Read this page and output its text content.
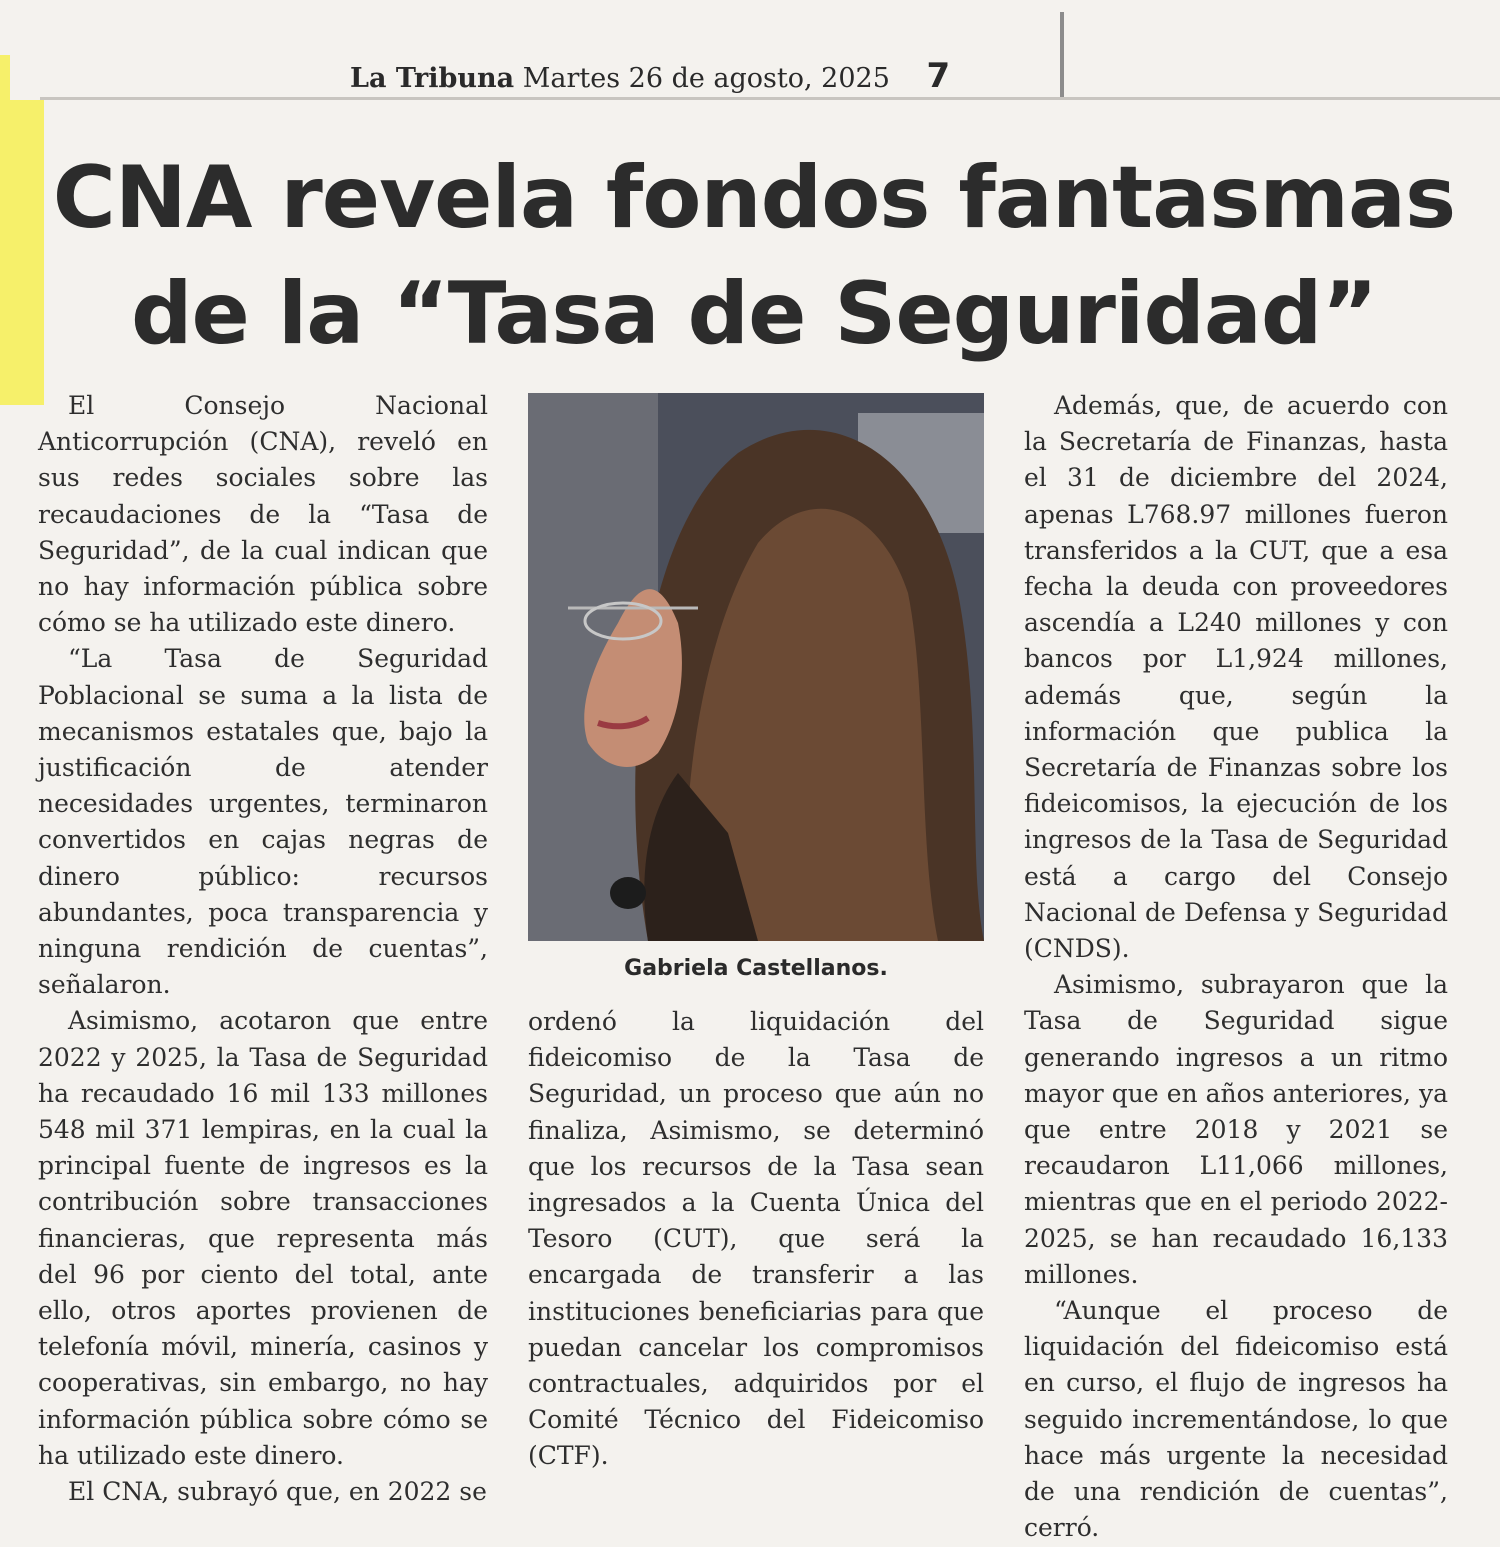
La Tribuna Martes 26 de agosto, 2025 7
CNA revela fondos fantasmas
de la “Tasa de Seguridad”

El Consejo Nacional Anticorrupción (CNA), reveló en sus redes sociales sobre las recaudaciones de la “Tasa de Seguridad”, de la cual indican que no hay información pública sobre cómo se ha utilizado este dinero.

“La Tasa de Seguridad Poblacional se suma a la lista de mecanismos estatales que, bajo la justificación de atender necesidades urgentes, terminaron convertidos en cajas negras de dinero público: recursos abundantes, poca transparencia y ninguna rendición de cuentas”, señalaron.

Asimismo, acotaron que entre 2022 y 2025, la Tasa de Seguridad ha recaudado 16 mil 133 millones 548 mil 371 lempiras, en la cual la principal fuente de ingresos es la contribución sobre transacciones financieras, que representa más del 96 por ciento del total, ante ello, otros aportes provienen de telefonía móvil, minería, casinos y cooperativas, sin embargo, no hay información pública sobre cómo se ha utilizado este dinero.

El CNA, subrayó que, en 2022 se

Gabriela Castellanos.

ordenó la liquidación del fideicomiso de la Tasa de Seguridad, un proceso que aún no finaliza, Asimismo, se determinó que los recursos de la Tasa sean ingresados a la Cuenta Única del Tesoro (CUT), que será la encargada de transferir a las instituciones beneficiarias para que puedan cancelar los compromisos contractuales, adquiridos por el Comité Técnico del Fideicomiso (CTF).

Además, que, de acuerdo con la Secretaría de Finanzas, hasta el 31 de diciembre del 2024, apenas L768.97 millones fueron transferidos a la CUT, que a esa fecha la deuda con proveedores ascendía a L240 millones y con bancos por L1,924 millones, además que, según la información que publica la Secretaría de Finanzas sobre los fideicomisos, la ejecución de los ingresos de la Tasa de Seguridad está a cargo del Consejo Nacional de Defensa y Seguridad (CNDS).

Asimismo, subrayaron que la Tasa de Seguridad sigue generando ingresos a un ritmo mayor que en años anteriores, ya que entre 2018 y 2021 se recaudaron L11,066 millones, mientras que en el periodo 2022-2025, se han recaudado 16,133 millones.

“Aunque el proceso de liquidación del fideicomiso está en curso, el flujo de ingresos ha seguido incrementándose, lo que hace más urgente la necesidad de una rendición de cuentas”, cerró.
